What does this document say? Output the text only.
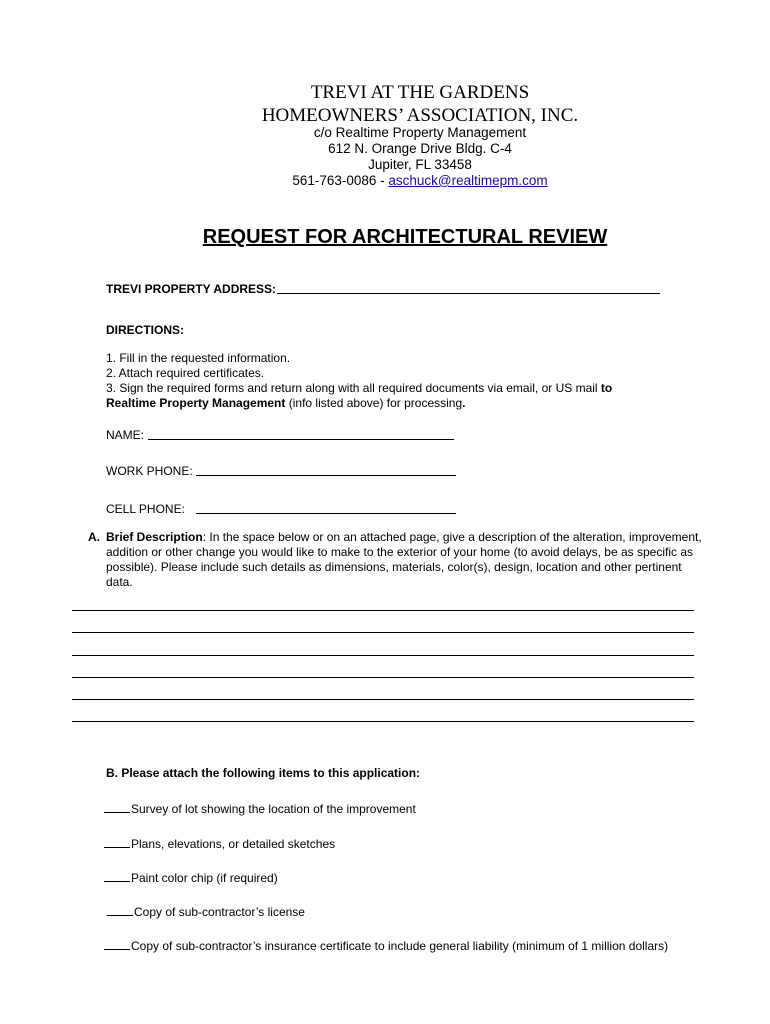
TREVI AT THE GARDENS
HOMEOWNERS’ ASSOCIATION, INC.
c/o Realtime Property Management
612 N. Orange Drive Bldg. C-4
Jupiter, FL 33458
561-763-0086 - aschuck@realtimepm.com
REQUEST FOR ARCHITECTURAL REVIEW
TREVI PROPERTY ADDRESS:
DIRECTIONS:
1. Fill in the requested information.
2. Attach required certificates.
3. Sign the required forms and return along with all required documents via email, or US mail to
Realtime Property Management (info listed above) for processing.
NAME:
WORK PHONE:
CELL PHONE:
A. Brief Description: In the space below or on an attached page, give a description of the alteration, improvement, addition or other change you would like to make to the exterior of your home (to avoid delays, be as specific as possible). Please include such details as dimensions, materials, color(s), design, location and other pertinent data.
B. Please attach the following items to this application:
Survey of lot showing the location of the improvement
Plans, elevations, or detailed sketches
Paint color chip (if required)
Copy of sub-contractor’s license
Copy of sub-contractor’s insurance certificate to include general liability (minimum of 1 million dollars)
